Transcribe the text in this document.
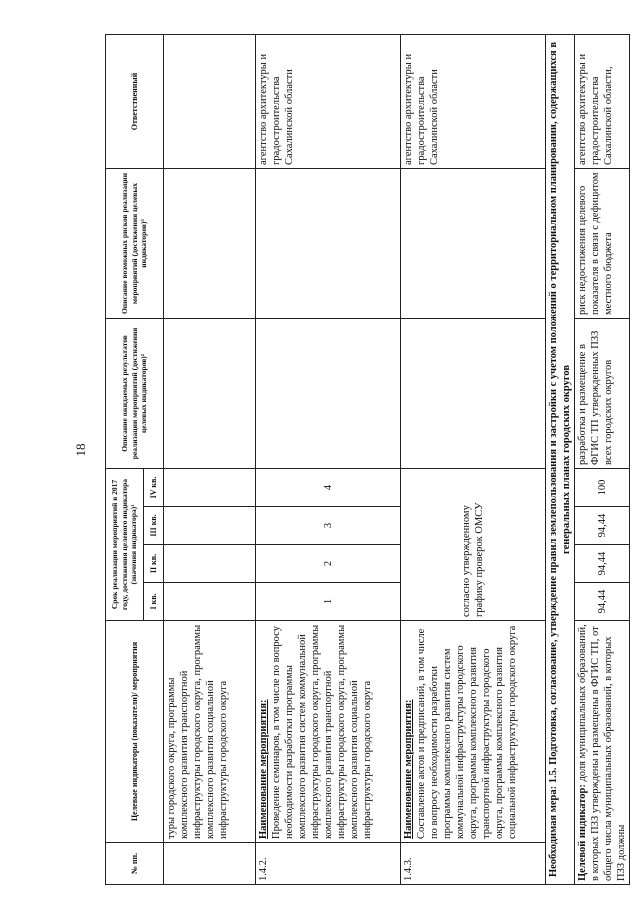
18
№ пп.	Целевые индикаторы (показатели)/ мероприятия	Срок реализации мероприятий в 2017 году, достижения целевого индикатора (значения индикатора)¹				Описание ожидаемых результатов реализации мероприятий (достижения целевых индикаторов)²	Описание возможных рисков реализации мероприятий (достижения целевых индикаторов)³	Ответственный
		I кв.	II кв.	III кв.	IV кв.			
	туры городского округа, программы комплексного развития транспортной инфраструктуры городского округа, программы комплексного развития социальной инфраструктуры городского округа							
1.4.2.	Наименование мероприятия: Проведение семинаров, в том числе по вопросу необходимости разработки программы комплексного развития систем коммунальной инфраструктуры городского округа, программы комплексного развития транспортной инфраструктуры городского округа, программы комплексного развития социальной инфраструктуры городского округа	1	2	3	4			агентство архитектуры и градостроительства Сахалинской области
1.4.3.	Наименование мероприятия: Составление актов и предписаний, в том числе по вопросу необходимости разработки программы комплексного развития систем коммунальной инфраструктуры городского округа, программы комплексного развития транспортной инфраструктуры городского округа, программы комплексного развития социальной инфраструктуры городского округа	согласно утвержденному графику проверок ОМСУ						агентство архитектуры и градостроительства Сахалинской области
Необходимая мера: 1.5. Подготовка, согласование, утверждение правил землепользования и застройки с учетом положений о территориальном планировании, содержащихся в генеральных планах городских округов								
Целевой индикатор: доля муниципальных образований, в которых ПЗЗ утверждены и размещены в ФГИС ТП, от общего числа муниципальных образований, в которых ПЗЗ должны		94,44	94,44	94,44	100	разработка и размещение в ФГИС ТП утвержденных ПЗЗ всех городских округов	риск недостижения целевого показателя в связи с дефицитом местного бюджета	агентство архитектуры и градостроительства Сахалинской области,
